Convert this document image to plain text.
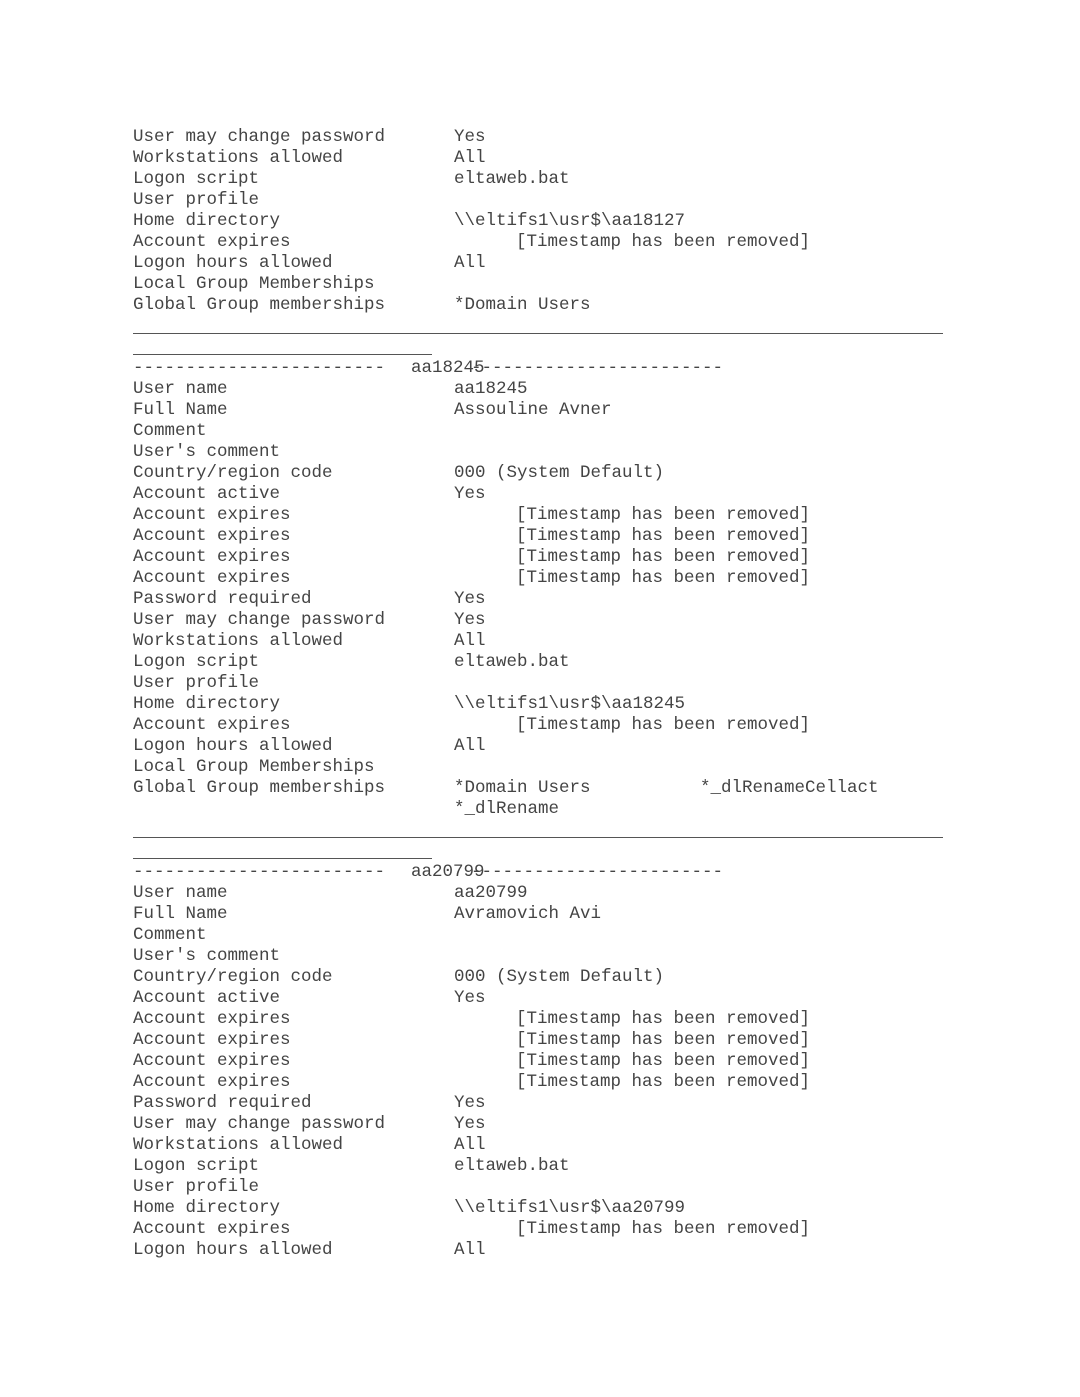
User may change password	Yes
Workstations allowed	All
Logon script	eltaweb.bat
User profile
Home directory	\\eltifs1\usr$\aa18127
Account expires	[Timestamp has been removed]
Logon hours allowed	All
Local Group Memberships
Global Group memberships	*Domain Users
------------------------ aa18245
------------------------
User name	aa18245
Full Name	Assouline Avner
Comment
User's comment
Country/region code	000 (System Default)
Account active	Yes
Account expires	[Timestamp has been removed]
Account expires	[Timestamp has been removed]
Account expires	[Timestamp has been removed]
Account expires	[Timestamp has been removed]
Password required	Yes
User may change password	Yes
Workstations allowed	All
Logon script	eltaweb.bat
User profile
Home directory	\\eltifs1\usr$\aa18245
Account expires	[Timestamp has been removed]
Logon hours allowed	All
Local Group Memberships
Global Group memberships	*Domain Users	*_dlRenameCellact
*_dlRename
------------------------ aa20799
------------------------
User name	aa20799
Full Name	Avramovich Avi
Comment
User's comment
Country/region code	000 (System Default)
Account active	Yes
Account expires	[Timestamp has been removed]
Account expires	[Timestamp has been removed]
Account expires	[Timestamp has been removed]
Account expires	[Timestamp has been removed]
Password required	Yes
User may change password	Yes
Workstations allowed	All
Logon script	eltaweb.bat
User profile
Home directory	\\eltifs1\usr$\aa20799
Account expires	[Timestamp has been removed]
Logon hours allowed	All
